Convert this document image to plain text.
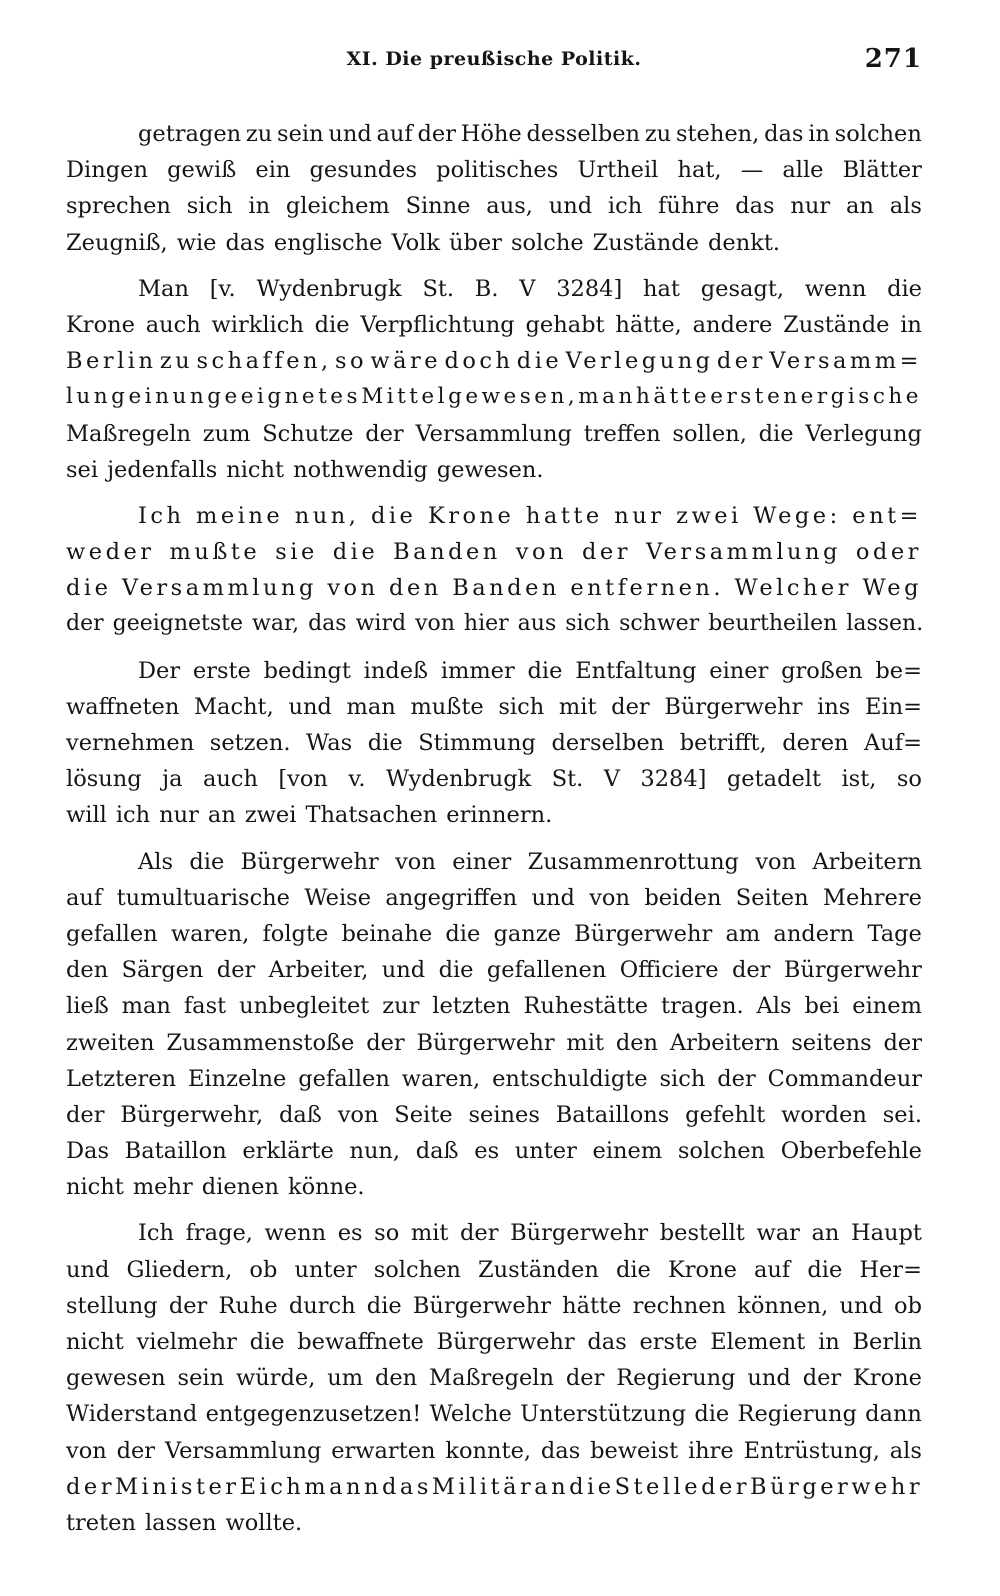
XI. Die preußische Politik.	271
getragen zu sein und auf der Höhe desselben zu stehen, das in solchen
Dingen gewiß ein gesundes politisches Urtheil hat, — alle Blätter
sprechen sich in gleichem Sinne aus, und ich führe das nur an als
Zeugniß, wie das englische Volk über solche Zustände denkt.
Man [v. Wydenbrugk St. B. V 3284] hat gesagt, wenn die
Krone auch wirklich die Verpflichtung gehabt hätte, andere Zustände in
Berlin zu schaffen, so wäre doch die Verlegung der Versamm=
lung ein ungeeignetes Mittel gewesen, man hätte erst energische
Maßregeln zum Schutze der Versammlung treffen sollen, die Verlegung
sei jedenfalls nicht nothwendig gewesen.
Ich meine nun, die Krone hatte nur zwei Wege: ent=
weder mußte sie die Banden von der Versammlung oder
die Versammlung von den Banden entfernen. Welcher Weg
der geeignetste war, das wird von hier aus sich schwer beurtheilen lassen.
Der erste bedingt indeß immer die Entfaltung einer großen be=
waffneten Macht, und man mußte sich mit der Bürgerwehr ins Ein=
vernehmen setzen. Was die Stimmung derselben betrifft, deren Auf=
lösung ja auch [von v. Wydenbrugk St. V 3284] getadelt ist, so
will ich nur an zwei Thatsachen erinnern.
Als die Bürgerwehr von einer Zusammenrottung von Arbeitern
auf tumultuarische Weise angegriffen und von beiden Seiten Mehrere
gefallen waren, folgte beinahe die ganze Bürgerwehr am andern Tage
den Särgen der Arbeiter, und die gefallenen Officiere der Bürgerwehr
ließ man fast unbegleitet zur letzten Ruhestätte tragen. Als bei einem
zweiten Zusammenstoße der Bürgerwehr mit den Arbeitern seitens der
Letzteren Einzelne gefallen waren, entschuldigte sich der Commandeur
der Bürgerwehr, daß von Seite seines Bataillons gefehlt worden sei.
Das Bataillon erklärte nun, daß es unter einem solchen Oberbefehle
nicht mehr dienen könne.
Ich frage, wenn es so mit der Bürgerwehr bestellt war an Haupt
und Gliedern, ob unter solchen Zuständen die Krone auf die Her=
stellung der Ruhe durch die Bürgerwehr hätte rechnen können, und ob
nicht vielmehr die bewaffnete Bürgerwehr das erste Element in Berlin
gewesen sein würde, um den Maßregeln der Regierung und der Krone
Widerstand entgegenzusetzen! Welche Unterstützung die Regierung dann
von der Versammlung erwarten konnte, das beweist ihre Entrüstung, als
der Minister Eichmann das Militär an die Stelle der Bürgerwehr
treten lassen wollte.
